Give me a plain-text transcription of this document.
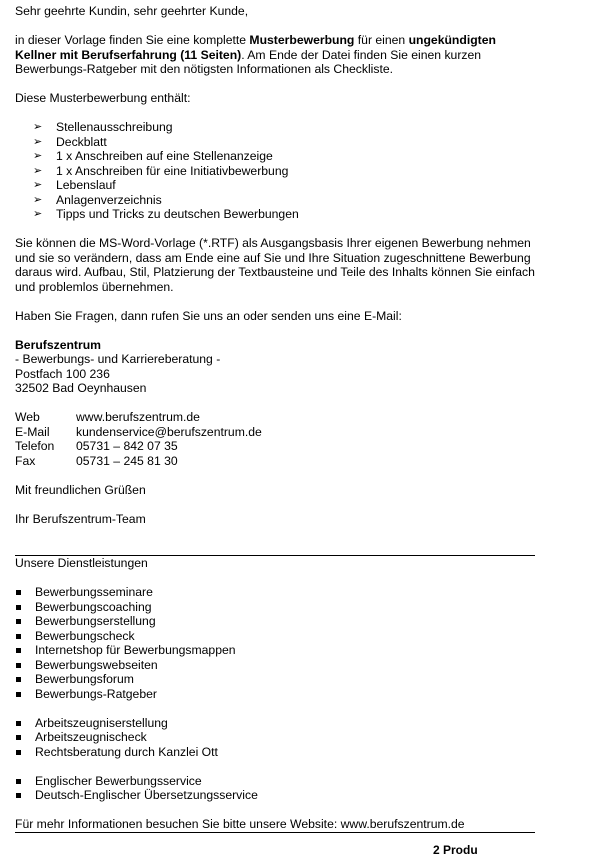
Sehr geehrte Kundin, sehr geehrter Kunde,

in dieser Vorlage finden Sie eine komplette Musterbewerbung für einen ungekündigten Kellner mit Berufserfahrung (11 Seiten). Am Ende der Datei finden Sie einen kurzen Bewerbungs-Ratgeber mit den nötigsten Informationen als Checkliste.

Diese Musterbewerbung enthält:

➢ Stellenausschreibung
➢ Deckblatt
➢ 1 x Anschreiben auf eine Stellenanzeige
➢ 1 x Anschreiben für eine Initiativbewerbung
➢ Lebenslauf
➢ Anlagenverzeichnis
➢ Tipps und Tricks zu deutschen Bewerbungen

Sie können die MS-Word-Vorlage (*.RTF) als Ausgangsbasis Ihrer eigenen Bewerbung nehmen und sie so verändern, dass am Ende eine auf Sie und Ihre Situation zugeschnittene Bewerbung daraus wird. Aufbau, Stil, Platzierung der Textbausteine und Teile des Inhalts können Sie einfach und problemlos übernehmen.

Haben Sie Fragen, dann rufen Sie uns an oder senden uns eine E-Mail:

Berufszentrum

- Bewerbungs- und Karriereberatung -

Postfach 100 236

32502 Bad Oeynhausen

Web	www.berufszentrum.de
E-Mail	kundenservice@berufszentrum.de
Telefon	05731 – 842 07 35
Fax	05731 – 245 81 30

Mit freundlichen Grüßen

Ihr Berufszentrum-Team

Unsere Dienstleistungen

Bewerbungsseminare
Bewerbungscoaching
Bewerbungserstellung
Bewerbungscheck
Internetshop für Bewerbungsmappen
Bewerbungswebseiten
Bewerbungsforum
Bewerbungs-Ratgeber
Arbeitszeugniserstellung
Arbeitszeugnischeck
Rechtsberatung durch Kanzlei Ott
Englischer Bewerbungsservice
Deutsch-Englischer Übersetzungsservice

Für mehr Informationen besuchen Sie bitte unsere Website: www.berufszentrum.de

2 Produ
